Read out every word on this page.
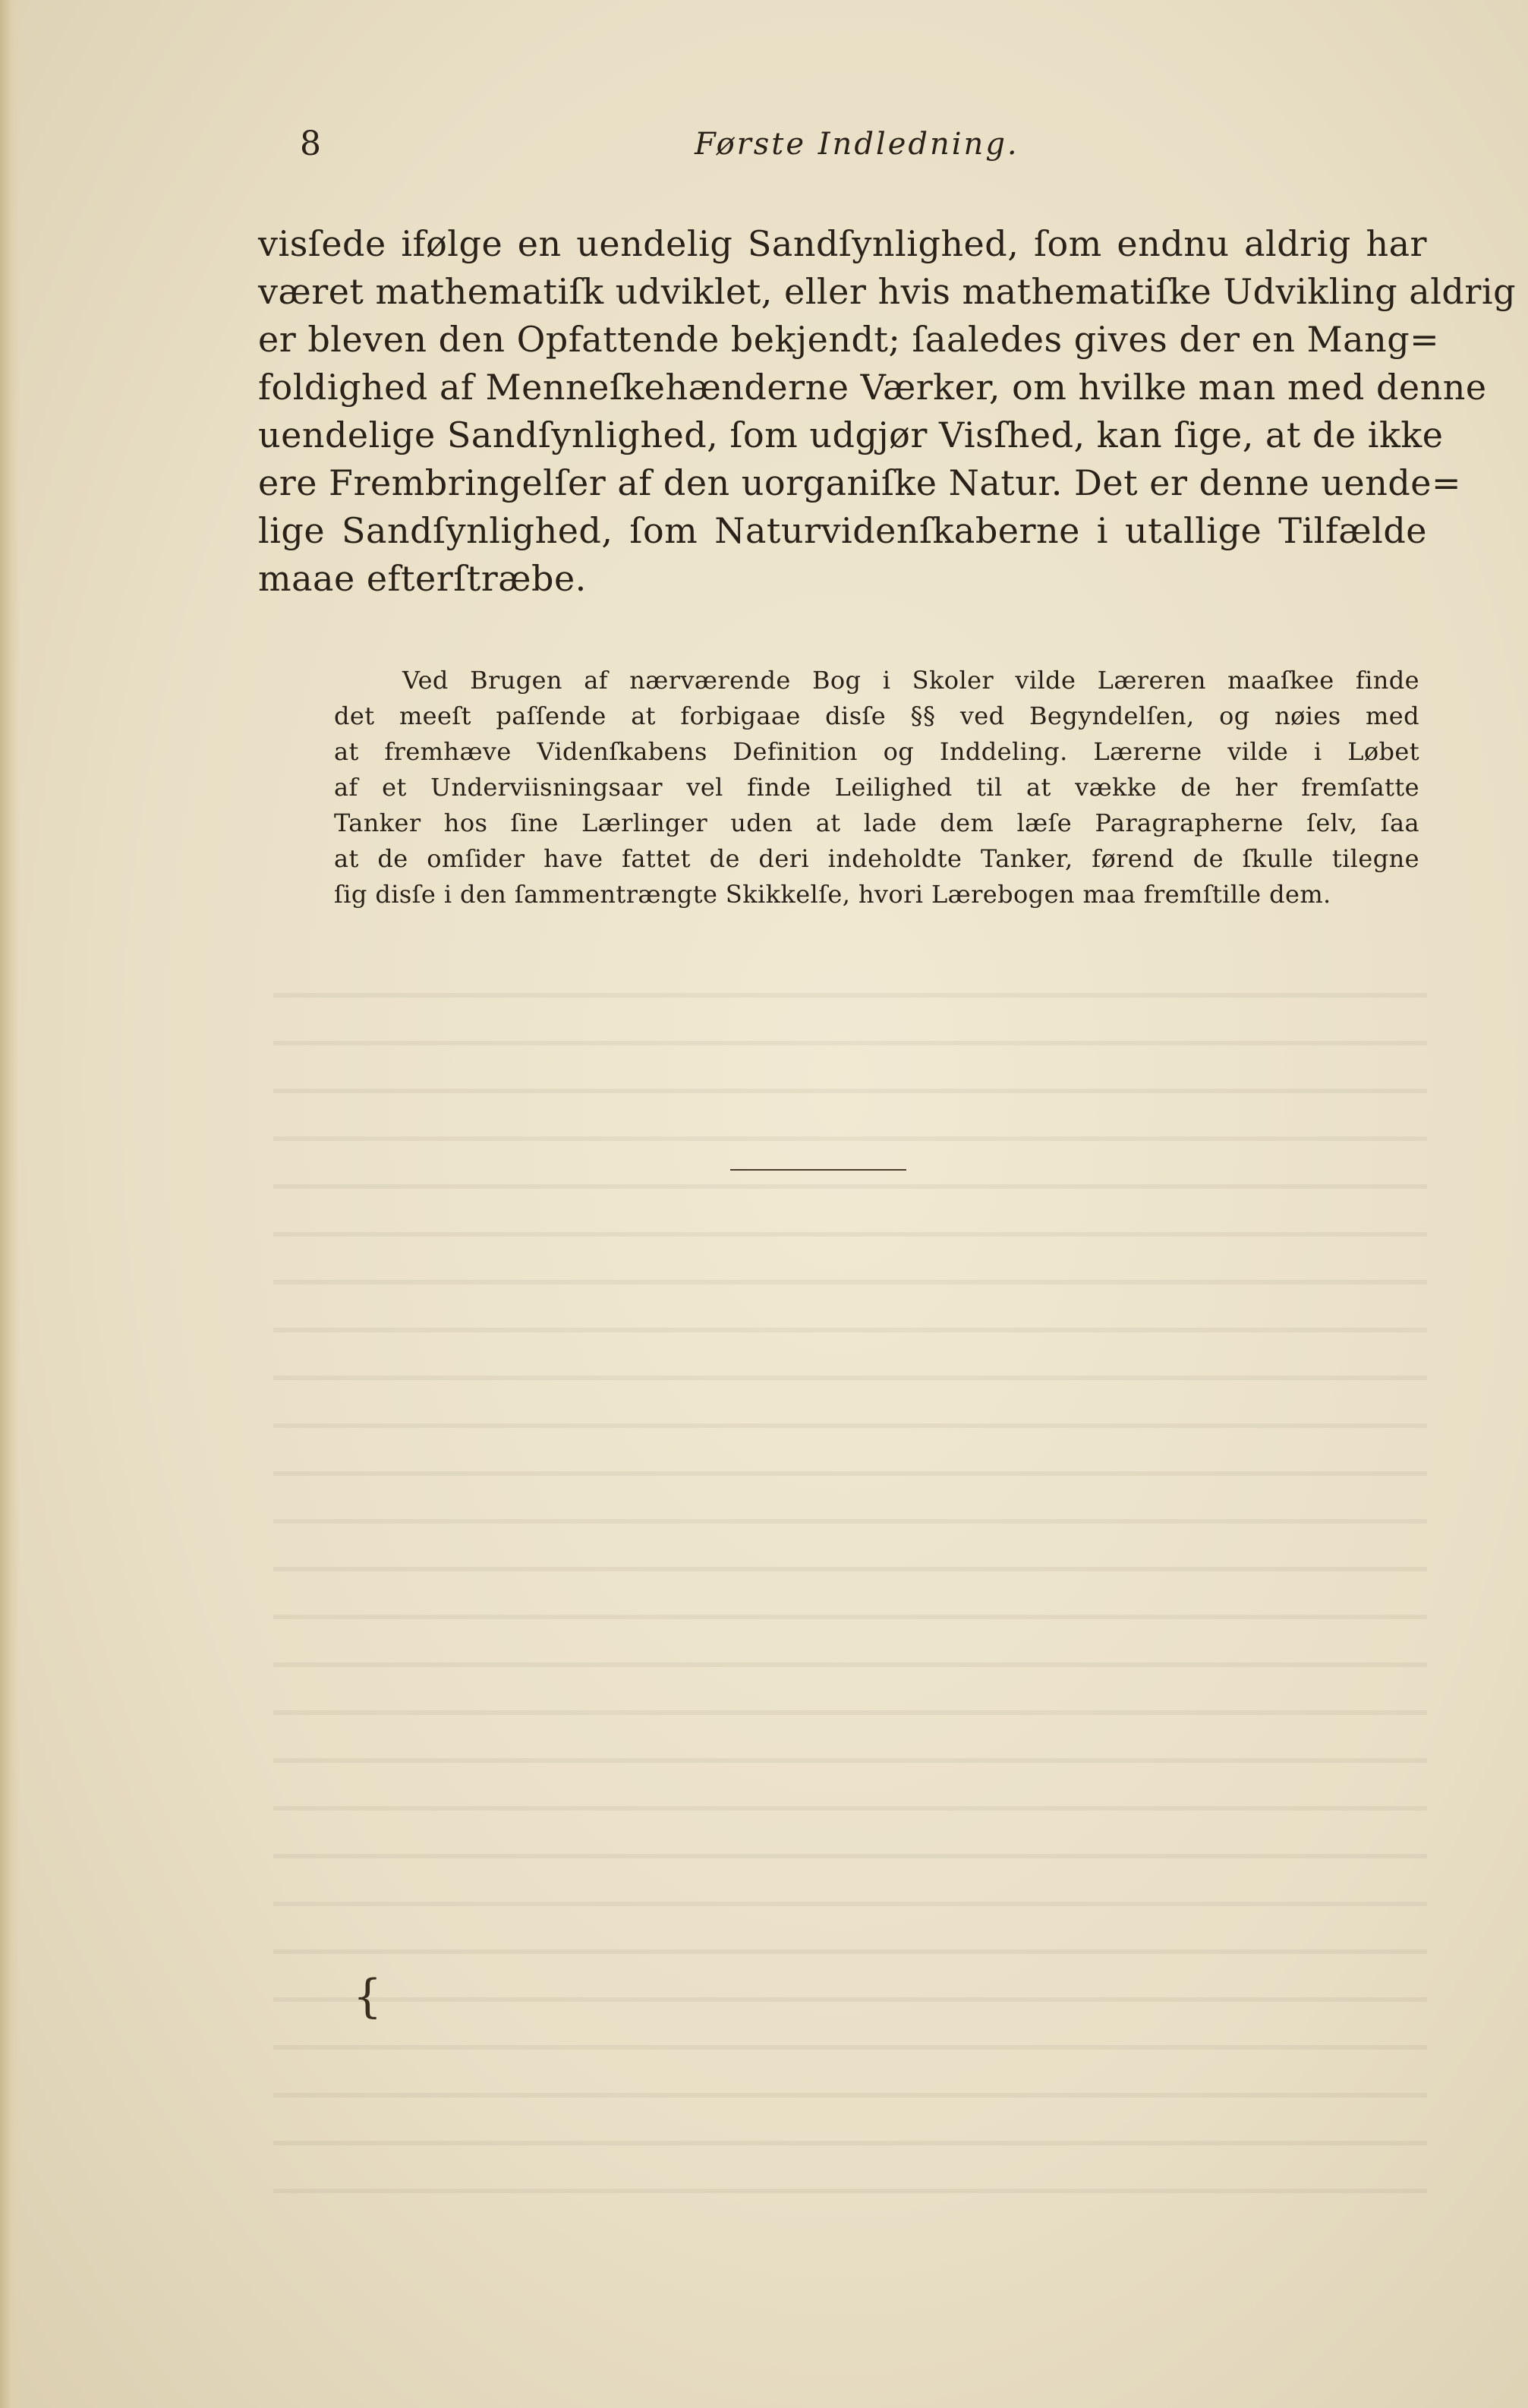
8	Første Indledning.
visſede ifølge en uendelig Sandſynlighed, ſom endnu aldrig har
været mathematiſk udviklet, eller hvis mathematiſke Udvikling aldrig
er bleven den Opfattende bekjendt; ſaaledes gives der en Mang=
foldighed af Menneſkehænderne Værker, om hvilke man med denne
uendelige Sandſynlighed, ſom udgjør Visſhed, kan ſige, at de ikke
ere Frembringelſer af den uorganiſke Natur. Det er denne uende=
lige Sandſynlighed, ſom Naturvidenſkaberne i utallige Tilfælde
maae efterſtræbe.
Ved Brugen af nærværende Bog i Skoler vilde Læreren maaſkee finde
det meeſt paſſende at forbigaae disſe §§ ved Begyndelſen, og nøies med
at fremhæve Videnſkabens Definition og Inddeling. Lærerne vilde i Løbet
af et Underviisningsaar vel finde Leilighed til at vække de her fremſatte
Tanker hos ſine Lærlinger uden at lade dem læſe Paragrapherne ſelv, ſaa
at de omſider have fattet de deri indeholdte Tanker, førend de ſkulle tilegne
ſig disſe i den ſammentrængte Skikkelſe, hvori Lærebogen maa fremſtille dem.
{
